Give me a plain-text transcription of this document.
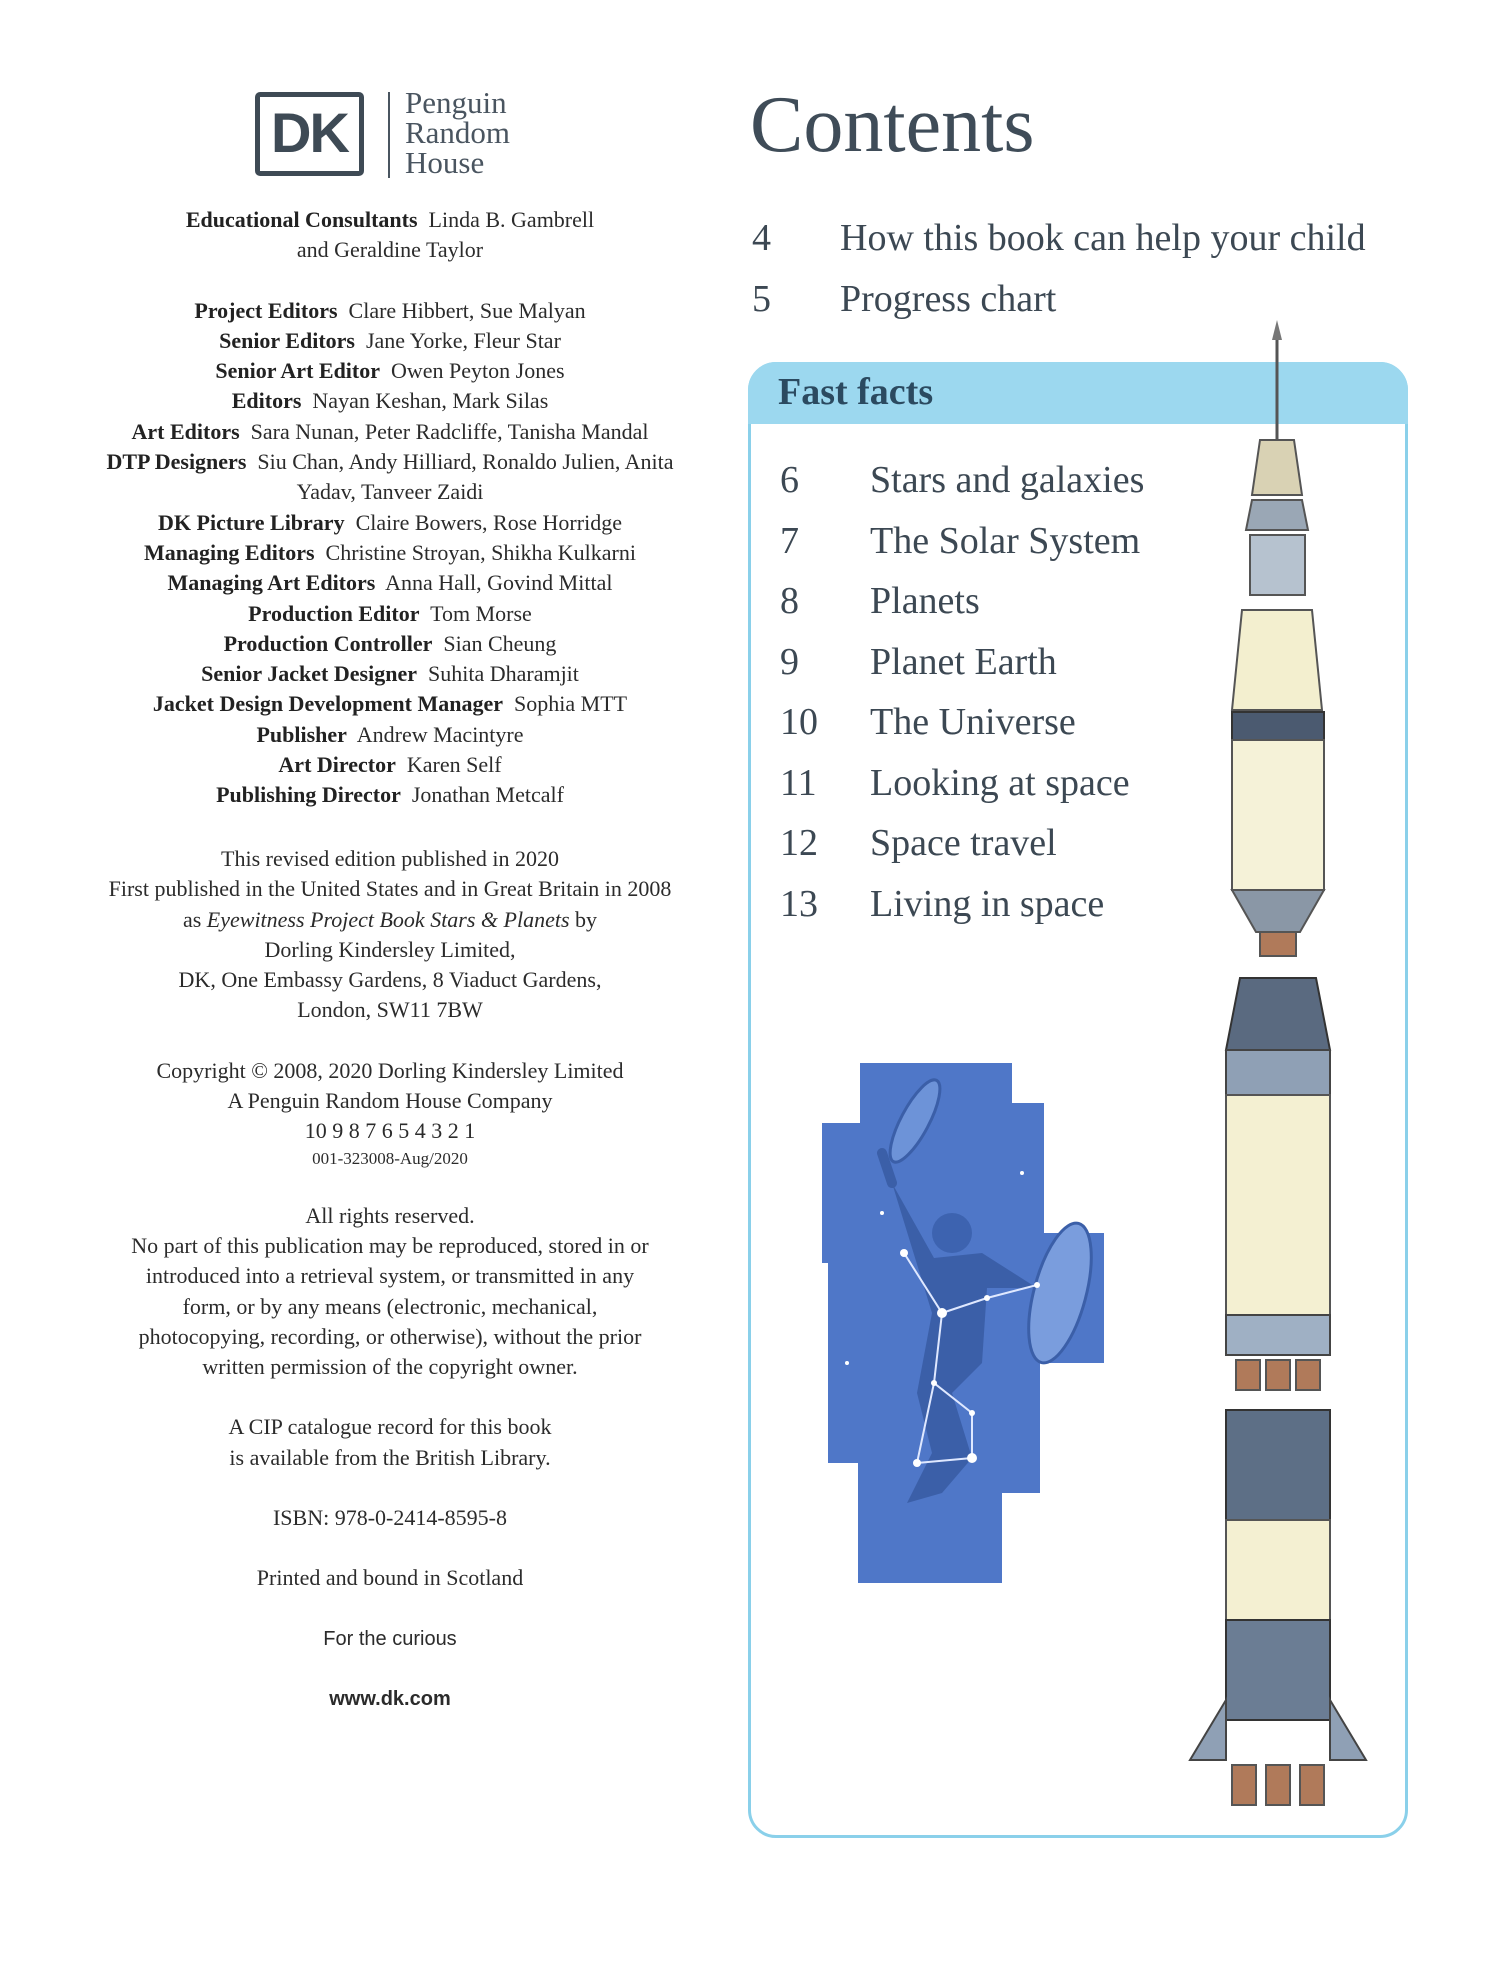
DK	Penguin
Random
House
Educational Consultants Linda B. Gambrell
and Geraldine Taylor
Project Editors Clare Hibbert, Sue Malyan
Senior Editors Jane Yorke, Fleur Star
Senior Art Editor Owen Peyton Jones
Editors Nayan Keshan, Mark Silas
Art Editors Sara Nunan, Peter Radcliffe, Tanisha Mandal
DTP Designers Siu Chan, Andy Hilliard, Ronaldo Julien, Anita
Yadav, Tanveer Zaidi
DK Picture Library Claire Bowers, Rose Horridge
Managing Editors Christine Stroyan, Shikha Kulkarni
Managing Art Editors Anna Hall, Govind Mittal
Production Editor Tom Morse
Production Controller Sian Cheung
Senior Jacket Designer Suhita Dharamjit
Jacket Design Development Manager Sophia MTT
Publisher Andrew Macintyre
Art Director Karen Self
Publishing Director Jonathan Metcalf
This revised edition published in 2020
First published in the United States and in Great Britain in 2008
as Eyewitness Project Book Stars & Planets by
Dorling Kindersley Limited,
DK, One Embassy Gardens, 8 Viaduct Gardens,
London, SW11 7BW
Copyright © 2008, 2020 Dorling Kindersley Limited
A Penguin Random House Company
10 9 8 7 6 5 4 3 2 1
001-323008-Aug/2020
All rights reserved.
No part of this publication may be reproduced, stored in or
introduced into a retrieval system, or transmitted in any
form, or by any means (electronic, mechanical,
photocopying, recording, or otherwise), without the prior
written permission of the copyright owner.
A CIP catalogue record for this book
is available from the British Library.
ISBN: 978-0-2414-8595-8
Printed and bound in Scotland
For the curious
www.dk.com
Contents
4 How this book can help your child
5 Progress chart
Fast facts
6 Stars and galaxies
7 The Solar System
8 Planets
9 Planet Earth
10 The Universe
11 Looking at space
12 Space travel
13 Living in space
